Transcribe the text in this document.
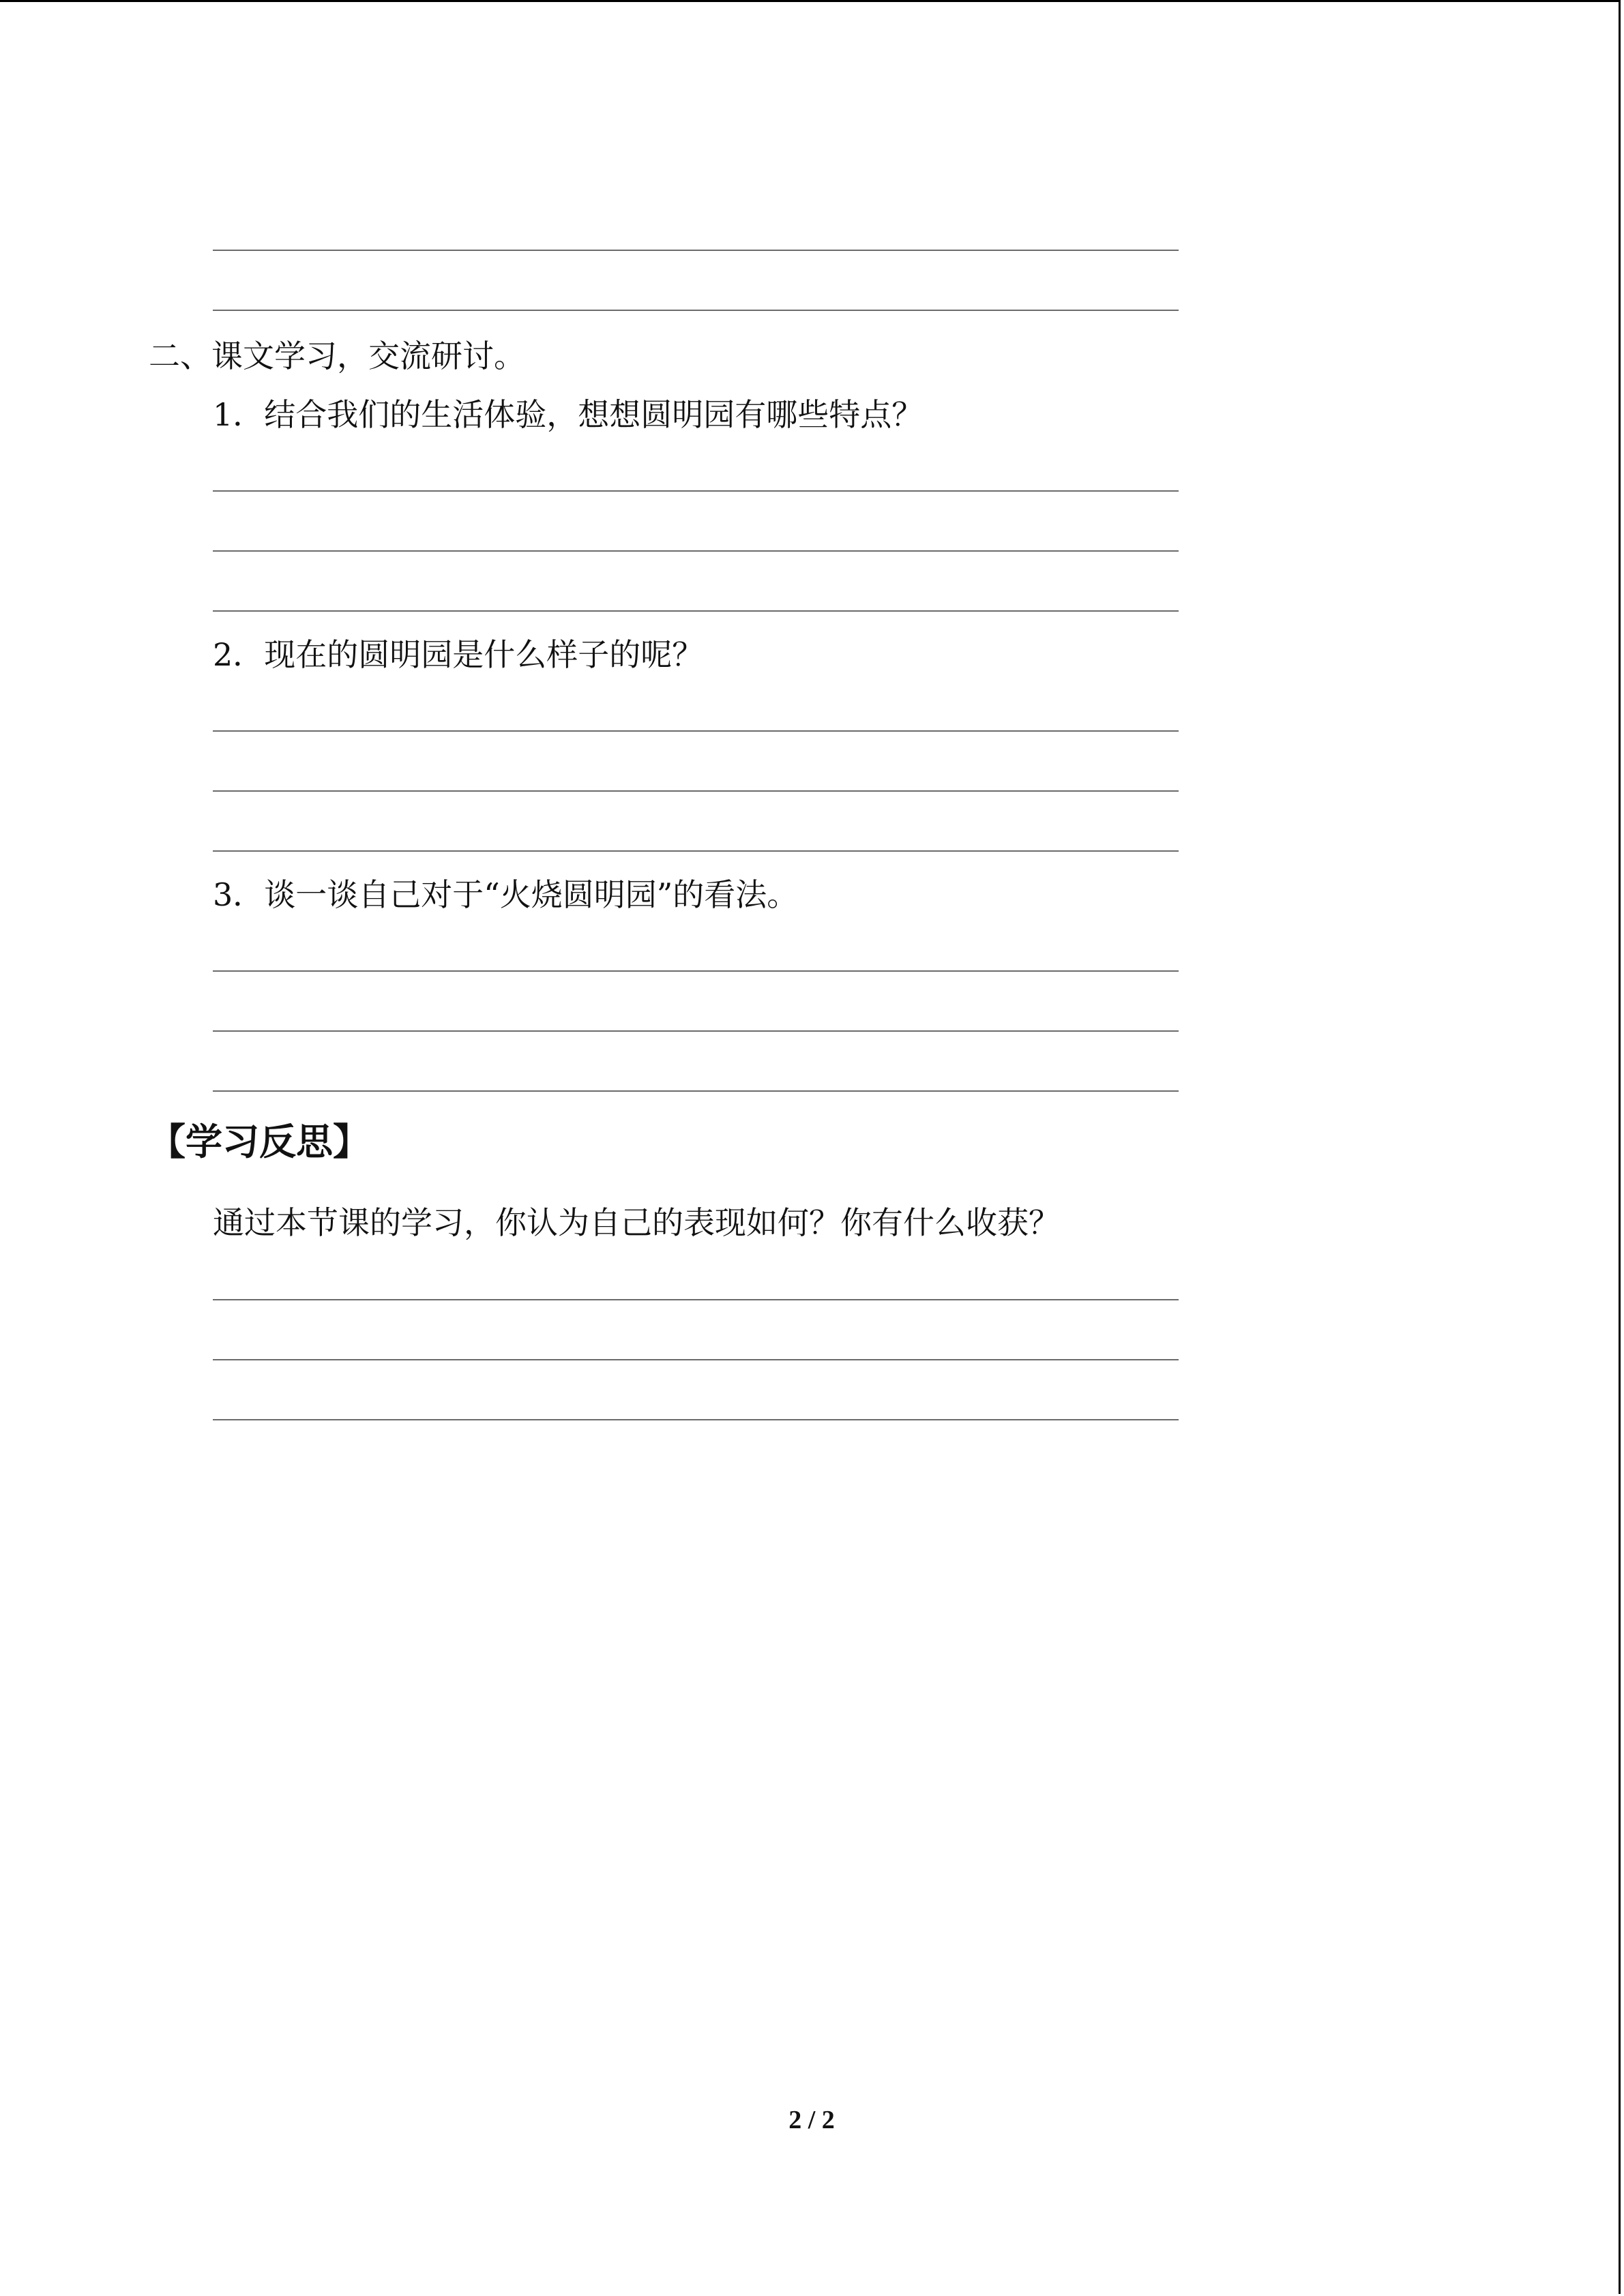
二、课文学习，交流研讨。
1．结合我们的生活体验，想想圆明园有哪些特点？
2．现在的圆明园是什么样子的呢？
3．谈一谈自己对于“火烧圆明园”的看法。
【学习反思】
通过本节课的学习，你认为自己的表现如何？你有什么收获？
2 / 2
